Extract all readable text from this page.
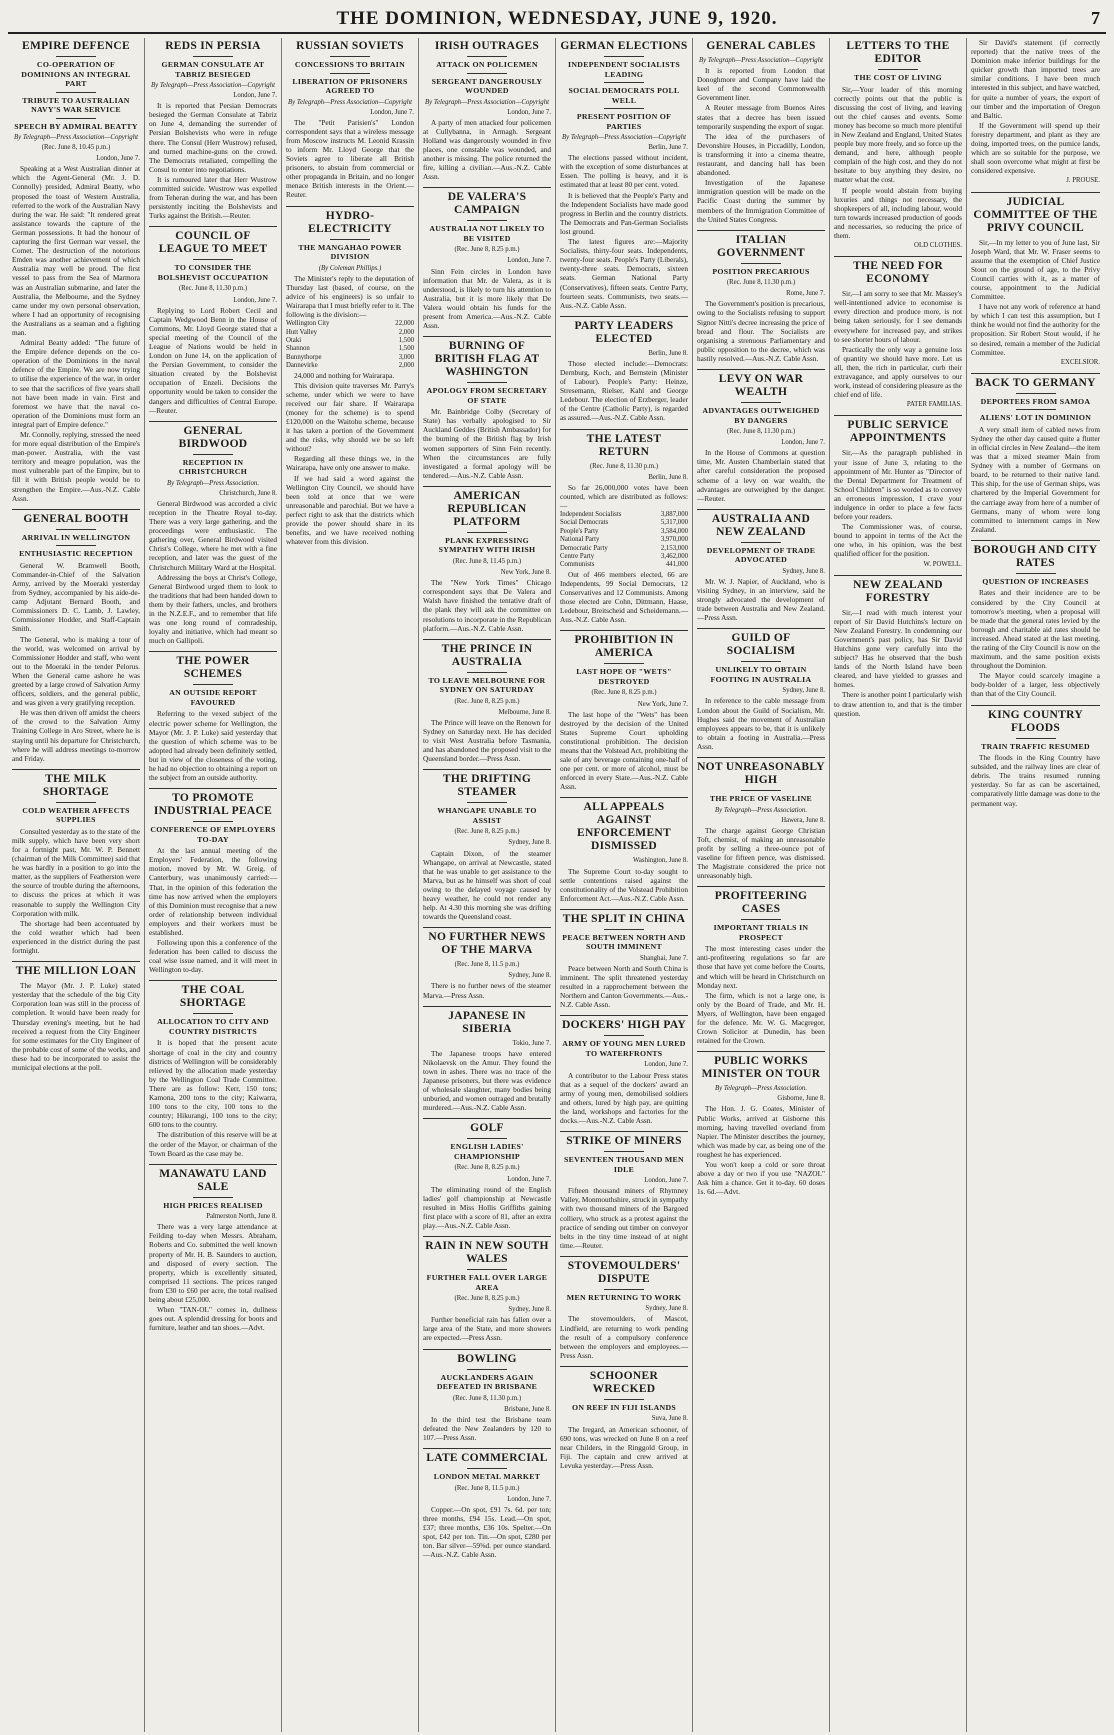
THE DOMINION, WEDNESDAY, JUNE 9, 1920.	7
EMPIRE DEFENCE
CO-OPERATION OF DOMINIONS AN INTEGRAL PART
TRIBUTE TO AUSTRALIAN NAVY'S WAR SERVICE
SPEECH BY ADMIRAL BEATTY
By Telegraph—Press Association—Copyright
(Rec. June 8, 10.45 p.m.)
London, June 7.
Speaking at a West Australian dinner at which the Agent-General (Mr. J. D. Connolly) presided, Admiral Beatty, who proposed the toast of Western Australia, referred to the work of the Australian Navy during the war. He said: "It rendered great assistance towards the capture of the German possessions. It had the honour of capturing the first German war vessel, the Comet. The destruction of the notorious Emden was another achievement of which Australia may well be proud. The first vessel to pass from the Sea of Marmora was an Australian submarine, and later the Australia, the Melbourne, and the Sydney came under my own personal observation, where I had an opportunity of recognising the Australians as a seaman and a fighting man.
Admiral Beatty added: "The future of the Empire defence depends on the co-operation of the Dominions in the naval defence of the Empire. We are now trying to utilise the experience of the war, in order to see that the sacrifices of five years shall not have been made in vain. First and foremost we have that the naval co-operation of the Dominions must form an integral part of Empire defence."
Mr. Connolly, replying, stressed the need for more equal distribution of the Empire's man-power. Australia, with the vast territory and meagre population, was the most vulnerable part of the Empire, but to fill it with British people would be to strengthen the Empire.—Aus.-N.Z. Cable Assn.
GENERAL BOOTH
ARRIVAL IN WELLINGTON
ENTHUSIASTIC RECEPTION
General W. Bramwell Booth, Commander-in-Chief of the Salvation Army, arrived by the Moeraki yesterday from Sydney, accompanied by his aide-de-camp Adjutant Bernard Booth, and Commissioners D. C. Lamb, J. Lawley, Commissioner Hodder, and Staff-Captain Smith.
The General, who is making a tour of the world, was welcomed on arrival by Commissioner Hodder and staff, who went out to the Moeraki in the tender Pelorus. When the General came ashore he was greeted by a large crowd of Salvation Army officers, soldiers, and the general public, and was given a very gratifying reception.
He was then driven off amidst the cheers of the crowd to the Salvation Army Training College in Aro Street, where he is staying until his departure for Christchurch, where he will address meetings to-morrow and Friday.
THE MILK SHORTAGE
COLD WEATHER AFFECTS SUPPLIES
Consulted yesterday as to the state of the milk supply, which have been very short for a fortnight past, Mr. W. P. Bennett (chairman of the Milk Committee) said that he was hardly in a position to go into the matter, as the suppliers of Featherston were the source of trouble during the afternoons, to discuss the prices at which it was reasonable to supply the Wellington City Corporation with milk.
The shortage had been accentuated by the cold weather which had been experienced in the district during the past fortnight.
THE MILLION LOAN
The Mayor (Mr. J. P. Luke) stated yesterday that the schedule of the big City Corporation loan was still in the process of completion. It would have been ready for Thursday evening's meeting, but he had received a request from the City Engineer for some estimates for the City Engineer of the probable cost of some of the works, and these had to be incorporated to assist the municipal elections at the poll.
REDS IN PERSIA
GERMAN CONSULATE AT TABRIZ BESIEGED
By Telegraph—Press Association—Copyright
London, June 7.
It is reported that Persian Democrats besieged the German Consulate at Tabriz on June 4, demanding the surrender of Persian Bolshevists who were in refuge there. The Consul (Herr Wustrow) refused, and turned machine-guns on the crowd. The Democrats retaliated, compelling the Consul to enter into negotiations.
It is rumoured later that Herr Wustrow committed suicide. Wustrow was expelled from Teheran during the war, and has been persistently inciting the Bolshevists and Turks against the British.—Reuter.
COUNCIL OF LEAGUE TO MEET
TO CONSIDER THE BOLSHEVIST OCCUPATION
(Rec. June 8, 11.30 p.m.)
London, June 7.
Replying to Lord Robert Cecil and Captain Wedgwood Benn in the House of Commons, Mr. Lloyd George stated that a special meeting of the Council of the League of Nations would be held in London on June 14, on the application of the Persian Government, to consider the situation created by the Bolshevist occupation of Enzeli. Decisions the opportunity would be taken to consider the dangers and difficulties of Central Europe.—Reuter.
GENERAL BIRDWOOD
RECEPTION IN CHRISTCHURCH
By Telegraph—Press Association.
Christchurch, June 8.
General Birdwood was accorded a civic reception in the Theatre Royal to-day. There was a very large gathering, and the proceedings were enthusiastic. The gathering over, General Birdwood visited Christ's College, where he met with a fine reception, and later was the guest of the Christchurch Military Ward at the Hospital.
Addressing the boys at Christ's College, General Birdwood urged them to look to the traditions that had been handed down to them by their fathers, uncles, and brothers in the N.Z.E.F., and to remember that life was one long round of comradeship, loyalty and initiative, which had meant so much on Gallipoli.
THE POWER SCHEMES
AN OUTSIDE REPORT FAVOURED
Referring to the vexed subject of the electric power scheme for Wellington, the Mayor (Mr. J. P. Luke) said yesterday that the question of which scheme was to be adopted had already been definitely settled, but in view of the closeness of the voting, he had no objection to obtaining a report on the subject from an outside authority.
TO PROMOTE INDUSTRIAL PEACE
CONFERENCE OF EMPLOYERS TO-DAY
At the last annual meeting of the Employers' Federation, the following motion, moved by Mr. W. Greig, of Canterbury, was unanimously carried:—That, in the opinion of this federation the time has now arrived when the employers of this Dominion must recognise that a new order of relationship between individual employers and their workers must be established.
Following upon this a conference of the federation has been called to discuss the coal wise issue named, and it will meet in Wellington to-day.
THE COAL SHORTAGE
ALLOCATION TO CITY AND COUNTRY DISTRICTS
It is hoped that the present acute shortage of coal in the city and country districts of Wellington will be considerably relieved by the allocation made yesterday by the Wellington Coal Trade Committee. There are as follow: Kerr, 150 tons; Kamona, 200 tons to the city; Kaiwarra, 100 tons to the city, 100 tons to the country; Hikurangi, 100 tons to the city; 600 tons to the country.
The distribution of this reserve will be at the order of the Mayor, or chairman of the Town Board as the case may be.
MANAWATU LAND SALE
HIGH PRICES REALISED
Palmerston North, June 8.
There was a very large attendance at Feilding to-day when Messrs. Abraham, Roberts and Co. submitted the well known property of Mr. H. B. Saunders to auction, and disposed of every section. The property, which is excellently situated, comprised 11 sections. The prices ranged from £30 to £60 per acre, the total realised being about £25,000.
When "TAN-OL" comes in, dullness goes out. A splendid dressing for boots and furniture, leather and tan shoes.—Advt.
RUSSIAN SOVIETS
CONCESSIONS TO BRITAIN
LIBERATION OF PRISONERS AGREED TO
By Telegraph—Press Association—Copyright
London, June 7.
The "Petit Parisien's" London correspondent says that a wireless message from Moscow instructs M. Leonid Krassin to inform Mr. Lloyd George that the Soviets agree to liberate all British prisoners, to abstain from commercial or other propaganda in Britain, and no longer menace British interests in the Orient.—Reuter.
HYDRO-ELECTRICITY
THE MANGAHAO POWER DIVISION
(By Coleman Phillips.)
The Minister's reply to the deputation of Thursday last (based, of course, on the advice of his engineers) is so unfair to Wairarapa that I must briefly refer to it. The following is the division:—
Wellington City	22,000
Hutt Valley	2,000
Otaki	1,500
Shannon	1,500
Bunnythorpe	3,000
Dannevirke	2,000
24,000 and nothing for Wairarapa.
This division quite traverses Mr. Parry's scheme, under which we were to have received our fair share. If Wairarapa (money for the scheme) is to spend £120,000 on the Waitohu scheme, because it has taken a portion of the Government and the risks, why should we be so left without?
Regarding all these things we, in the Wairarapa, have only one answer to make.
If we had said a word against the Wellington City Council, we should have been told at once that we were unreasonable and parochial. But we have a perfect right to ask that the districts which provide the power should share in its benefits, and we have received nothing whatever from this division.
IRISH OUTRAGES
ATTACK ON POLICEMEN
SERGEANT DANGEROUSLY WOUNDED
By Telegraph—Press Association—Copyright
London, June 7.
A party of men attacked four policemen at Cullybanna, in Armagh. Sergeant Holland was dangerously wounded in five places, one constable was wounded, and another is missing. The police returned the fire, killing a civilian.—Aus.-N.Z. Cable Assn.
DE VALERA'S CAMPAIGN
AUSTRALIA NOT LIKELY TO BE VISITED
(Rec. June 8, 8.25 p.m.)
London, June 7.
Sinn Fein circles in London have information that Mr. de Valera, as it is understood, is likely to turn his attention to Australia, but it is more likely that De Valera would obtain his funds for the present from America.—Aus.-N.Z. Cable Assn.
BURNING OF BRITISH FLAG AT WASHINGTON
APOLOGY FROM SECRETARY OF STATE
Mr. Bainbridge Colby (Secretary of State) has verbally apologised to Sir Auckland Geddes (British Ambassador) for the burning of the British flag by Irish women supporters of Sinn Fein recently. When the circumstances are fully investigated a formal apology will be tendered.—Aus.-N.Z. Cable Assn.
AMERICAN REPUBLICAN PLATFORM
PLANK EXPRESSING SYMPATHY WITH IRISH
(Rec. June 8, 11.45 p.m.)
New York, June 8.
The "New York Times" Chicago correspondent says that De Valera and Walsh have finished the tentative draft of the plank they will ask the committee on resolutions to incorporate in the Republican platform.—Aus.-N.Z. Cable Assn.
THE PRINCE IN AUSTRALIA
TO LEAVE MELBOURNE FOR SYDNEY ON SATURDAY
(Rec. June 8, 8.25 p.m.)
Melbourne, June 8.
The Prince will leave on the Renown for Sydney on Saturday next. He has decided to visit West Australia before Tasmania, and has abandoned the proposed visit to the Queensland border.—Press Assn.
THE DRIFTING STEAMER
WHANGAPE UNABLE TO ASSIST
(Rec. June 8, 8.25 p.m.)
Sydney, June 8.
Captain Dixon, of the steamer Whangape, on arrival at Newcastle, stated that he was unable to get assistance to the Marva, but as he himself was short of coal owing to the delayed voyage caused by heavy weather, he could not render any help. At 4.30 this morning she was drifting towards the Queensland coast.
NO FURTHER NEWS OF THE MARVA
(Rec. June 8, 11.5 p.m.)
Sydney, June 8.
There is no further news of the steamer Marva.—Press Assn.
JAPANESE IN SIBERIA
Tokio, June 7.
The Japanese troops have entered Nikolaevsk on the Amur. They found the town in ashes. There was no trace of the Japanese prisoners, but there was evidence of wholesale slaughter, many bodies being unburied, and women outraged and brutally murdered.—Aus.-N.Z. Cable Assn.
GOLF
ENGLISH LADIES' CHAMPIONSHIP
(Rec. June 8, 8.25 p.m.)
London, June 7.
The eliminating round of the English ladies' golf championship at Newcastle resulted in Miss Hollis Griffiths gaining first place with a score of 81, after an extra play.—Aus.-N.Z. Cable Assn.
RAIN IN NEW SOUTH WALES
FURTHER FALL OVER LARGE AREA
(Rec. June 8, 8.25 p.m.)
Sydney, June 8.
Further beneficial rain has fallen over a large area of the State, and more showers are expected.—Press Assn.
BOWLING
AUCKLANDERS AGAIN DEFEATED IN BRISBANE
(Rec. June 8, 11.30 p.m.)
Brisbane, June 8.
In the third test the Brisbane team defeated the New Zealanders by 120 to 107.—Press Assn.
LATE COMMERCIAL
LONDON METAL MARKET
(Rec. June 8, 11.5 p.m.)
London, June 7.
Copper.—On spot, £91 7s. 6d. per ton; three months, £94 15s. Lead.—On spot, £37; three months, £36 10s. Spelter.—On spot, £42 per ton. Tin.—On spot, £280 per ton. Bar silver—59⅝d. per ounce standard.—Aus.-N.Z. Cable Assn.
GERMAN ELECTIONS
INDEPENDENT SOCIALISTS LEADING
SOCIAL DEMOCRATS POLL WELL
PRESENT POSITION OF PARTIES
By Telegraph—Press Association—Copyright
Berlin, June 7.
The elections passed without incident, with the exception of some disturbances at Essen. The polling is heavy, and it is estimated that at least 80 per cent. voted.
It is believed that the People's Party and the Independent Socialists have made good progress in Berlin and the country districts. The Democrats and Pan-German Socialists lost ground.
The latest figures are:—Majority Socialists, thirty-four seats. Independents, twenty-four seats. People's Party (Liberals), twenty-three seats. Democrats, sixteen seats. German National Party (Conservatives), fifteen seats. Centre Party, fourteen seats. Communists, two seats.—Aus.-N.Z. Cable Assn.
PARTY LEADERS ELECTED
Berlin, June 8.
Those elected include:—Democrats: Dernburg, Koch, and Bernstein (Minister of Labour). People's Party: Heinze, Stresemann, Rielser, Kahl and George Ledebour. The election of Erzberger, leader of the Centre (Catholic Party), is regarded as assured.—Aus.-N.Z. Cable Assn.
THE LATEST RETURN
(Rec. June 8, 11.30 p.m.)
Berlin, June 8.
So far 26,000,000 votes have been counted, which are distributed as follows:—
Independent Socialists	3,887,000
Social Democrats	5,317,000
People's Party	3,584,000
National Party	3,970,000
Democratic Party	2,153,000
Centre Party	3,462,000
Communists	441,000
Out of 466 members elected, 66 are Independents, 99 Social Democrats, 12 Conservatives and 12 Communists. Among those elected are Cohn, Dittmann, Haase, Ledebour, Breitscheid and Scheidemann.—Aus.-N.Z. Cable Assn.
PROHIBITION IN AMERICA
LAST HOPE OF "WETS" DESTROYED
(Rec. June 8, 8.25 p.m.)
New York, June 7.
The last hope of the "Wets" has been destroyed by the decision of the United States Supreme Court upholding constitutional prohibition. The decision means that the Volstead Act, prohibiting the sale of any beverage containing one-half of one per cent. or more of alcohol, must be enforced in every State.—Aus.-N.Z. Cable Assn.
ALL APPEALS AGAINST ENFORCEMENT DISMISSED
Washington, June 8.
The Supreme Court to-day sought to settle contentions raised against the constitutionality of the Volstead Prohibition Enforcement Act.—Aus.-N.Z. Cable Assn.
THE SPLIT IN CHINA
PEACE BETWEEN NORTH AND SOUTH IMMINENT
Shanghai, June 7.
Peace between North and South China is imminent. The split threatened yesterday resulted in a rapprochement between the Northern and Canton Governments.—Aus.-N.Z. Cable Assn.
DOCKERS' HIGH PAY
ARMY OF YOUNG MEN LURED TO WATERFRONTS
London, June 7.
A contributor to the Labour Press states that as a sequel of the dockers' award an army of young men, demobilised soldiers and others, lured by high pay, are quitting the land, workshops and factories for the docks.—Aus.-N.Z. Cable Assn.
STRIKE OF MINERS
SEVENTEEN THOUSAND MEN IDLE
London, June 7.
Fifteen thousand miners of Rhymney Valley, Monmouthshire, struck in sympathy with two thousand miners of the Bargoed colliery, who struck as a protest against the practice of sending out timber on conveyor belts in the tiny time instead of at night time.—Reuter.
STOVEMOULDERS' DISPUTE
MEN RETURNING TO WORK
Sydney, June 8.
The stovemoulders, of Mascot, Lindfield, are returning to work pending the result of a compulsory conference between the employers and employees.—Press Assn.
SCHOONER WRECKED
ON REEF IN FIJI ISLANDS
Suva, June 8.
The Iregard, an American schooner, of 690 tons, was wrecked on June 8 on a reef near Childers, in the Ringgold Group, in Fiji. The captain and crew arrived at Levuka yesterday.—Press Assn.
GENERAL CABLES
By Telegraph—Press Association—Copyright
It is reported from London that Donoghmore and Company have laid the keel of the second Commonwealth Government liner.
A Reuter message from Buenos Aires states that a decree has been issued temporarily suspending the export of sugar.
The idea of the purchasers of Devonshire Houses, in Piccadilly, London, is transforming it into a cinema theatre, restaurant, and dancing hall has been abandoned.
Investigation of the Japanese immigration question will be made on the Pacific Coast during the summer by members of the Immigration Committee of the United States Congress.
ITALIAN GOVERNMENT
POSITION PRECARIOUS
(Rec. June 8, 11.30 p.m.)
Rome, June 7.
The Government's position is precarious, owing to the Socialists refusing to support Signor Nitti's decree increasing the price of bread and flour. The Socialists are organising a strenuous Parliamentary and public opposition to the decree, which was hastily resolved.—Aus.-N.Z. Cable Assn.
LEVY ON WAR WEALTH
ADVANTAGES OUTWEIGHED BY DANGERS
(Rec. June 8, 11.30 p.m.)
London, June 7.
In the House of Commons at question time, Mr. Austen Chamberlain stated that after careful consideration the proposed scheme of a levy on war wealth, the advantages are outweighed by the danger.—Reuter.
AUSTRALIA AND NEW ZEALAND
DEVELOPMENT OF TRADE ADVOCATED
Sydney, June 8.
Mr. W. J. Napier, of Auckland, who is visiting Sydney, in an interview, said he strongly advocated the development of trade between Australia and New Zealand.—Press Assn.
GUILD OF SOCIALISM
UNLIKELY TO OBTAIN FOOTING IN AUSTRALIA
Sydney, June 8.
In reference to the cable message from London about the Guild of Socialism, Mr. Hughes said the movement of Australian employees appears to be, that it is unlikely to obtain a footing in Australia.—Press Assn.
NOT UNREASONABLY HIGH
THE PRICE OF VASELINE
By Telegraph—Press Association.
Hawera, June 8.
The charge against George Christian Toft, chemist, of making an unreasonable profit by selling a three-ounce pot of vaseline for fifteen pence, was dismissed. The Magistrate considered the price not unreasonably high.
PROFITEERING CASES
IMPORTANT TRIALS IN PROSPECT
The most interesting cases under the anti-profiteering regulations so far are those that have yet come before the Courts, and which will be heard in Christchurch on Monday next.
The firm, which is not a large one, is only by the Board of Trade, and Mr. H. Myers, of Wellington, have been engaged for the defence. Mr. W. G. Macgregor, Crown Solicitor at Dunedin, has been retained for the Crown.
PUBLIC WORKS MINISTER ON TOUR
By Telegraph—Press Association.
Gisborne, June 8.
The Hon. J. G. Coates, Minister of Public Works, arrived at Gisborne this morning, having travelled overland from Napier. The Minister describes the journey, which was made by car, as being one of the roughest he has experienced.
You won't keep a cold or sore throat above a day or two if you use "NAZOL" Ask him a chance. Get it to-day. 60 doses 1s. 6d.—Advt.
LETTERS TO THE EDITOR
THE COST OF LIVING
Sir,—Your leader of this morning correctly points out that the public is discussing the cost of living, and leaving out the chief causes and events. Some money has become so much more plentiful in New Zealand and England, United States people buy more freely, and so force up the demand, and here, although people complain of the high cost, and they do not hesitate to buy anything they desire, no matter what the cost.
If people would abstain from buying luxuries and things not necessary, the shopkeepers of all, including labour, would turn towards increased production of goods and necessaries, so reducing the price of them.
OLD CLOTHES.
THE NEED FOR ECONOMY
Sir,—I am sorry to see that Mr. Massey's well-intentioned advice to economise is every direction and produce more, is not being taken seriously, for I see demands everywhere for increased pay, and strikes to see shorter hours of labour.
Practically the only way a genuine loss of quantity we should have more. Let us all, then, the rich in particular, curb their extravagance, and apply ourselves to our work, instead of considering pleasure as the chief end of life.
PATER FAMILIAS.
PUBLIC SERVICE APPOINTMENTS
Sir,—As the paragraph published in your issue of June 3, relating to the appointment of Mr. Hunter as "Director of the Dental Department for Treatment of School Children" is so worded as to convey an erroneous impression, I crave your indulgence in order to place a few facts before your readers.
The Commissioner was, of course, bound to appoint in terms of the Act the one who, in his opinion, was the best qualified officer for the position.
W. POWELL.
NEW ZEALAND FORESTRY
Sir,—I read with much interest your report of Sir David Hutchins's lecture on New Zealand Forestry. In condemning our Government's past policy, has Sir David Hutchins gone very carefully into the subject? Has he observed that the bush lands of the North Island have been cleared, and have yielded to grasses and homes.
There is another point I particularly wish to draw attention to, and that is the timber question.
Sir David's statement (if correctly reported) that the native trees of the Dominion make inferior buildings for the quicker growth than imported trees are similar conditions. I have been much interested in this subject, and have watched, for quite a number of years, the export of our timber and the importation of Oregon and Baltic.
If the Government will spend up their forestry department, and plant as they are doing, imported trees, on the pumice lands, which are so suitable for the purpose, we shall soon overcome what might at first be considered expensive.
J. PROUSE.
JUDICIAL COMMITTEE OF THE PRIVY COUNCIL
Sir,—In my letter to you of June last, Sir Joseph Ward, that Mr. W. Fraser seems to assume that the exemption of Chief Justice Stout on the ground of age, to the Privy Council carries with it, as a matter of course, appointment to the Judicial Committee.
I have not any work of reference at hand by which I can test this assumption, but I think he would not find the authority for the proposition. Sir Robert Stout would, if he so desired, remain a member of the Judicial Committee.
EXCELSIOR.
BACK TO GERMANY
DEPORTEES FROM SAMOA
ALIENS' LOT IN DOMINION
A very small item of cabled news from Sydney the other day caused quite a flutter in official circles in New Zealand—the item was that a mixed steamer Main from Sydney with a number of Germans on board, to be returned to their native land. This ship, for the use of German ships, was chartered by the Imperial Government for the carriage away from here of a number of Germans, many of whom were long committed to internment camps in New Zealand.
BOROUGH AND CITY RATES
QUESTION OF INCREASES
Rates and their incidence are to be considered by the City Council at tomorrow's meeting, when a proposal will be made that the general rates levied by the borough and charitable aid rates should be increased. Ahead stated at the last meeting, the rating of the City Council is now on the maximum, and the same position exists throughout the Dominion.
The Mayor could scarcely imagine a body-bolder of a larger, less objectively than that of the City Council.
KING COUNTRY FLOODS
TRAIN TRAFFIC RESUMED
The floods in the King Country have subsided, and the railway lines are clear of debris. The trains resumed running yesterday. So far as can be ascertained, comparatively little damage was done to the permanent way.
